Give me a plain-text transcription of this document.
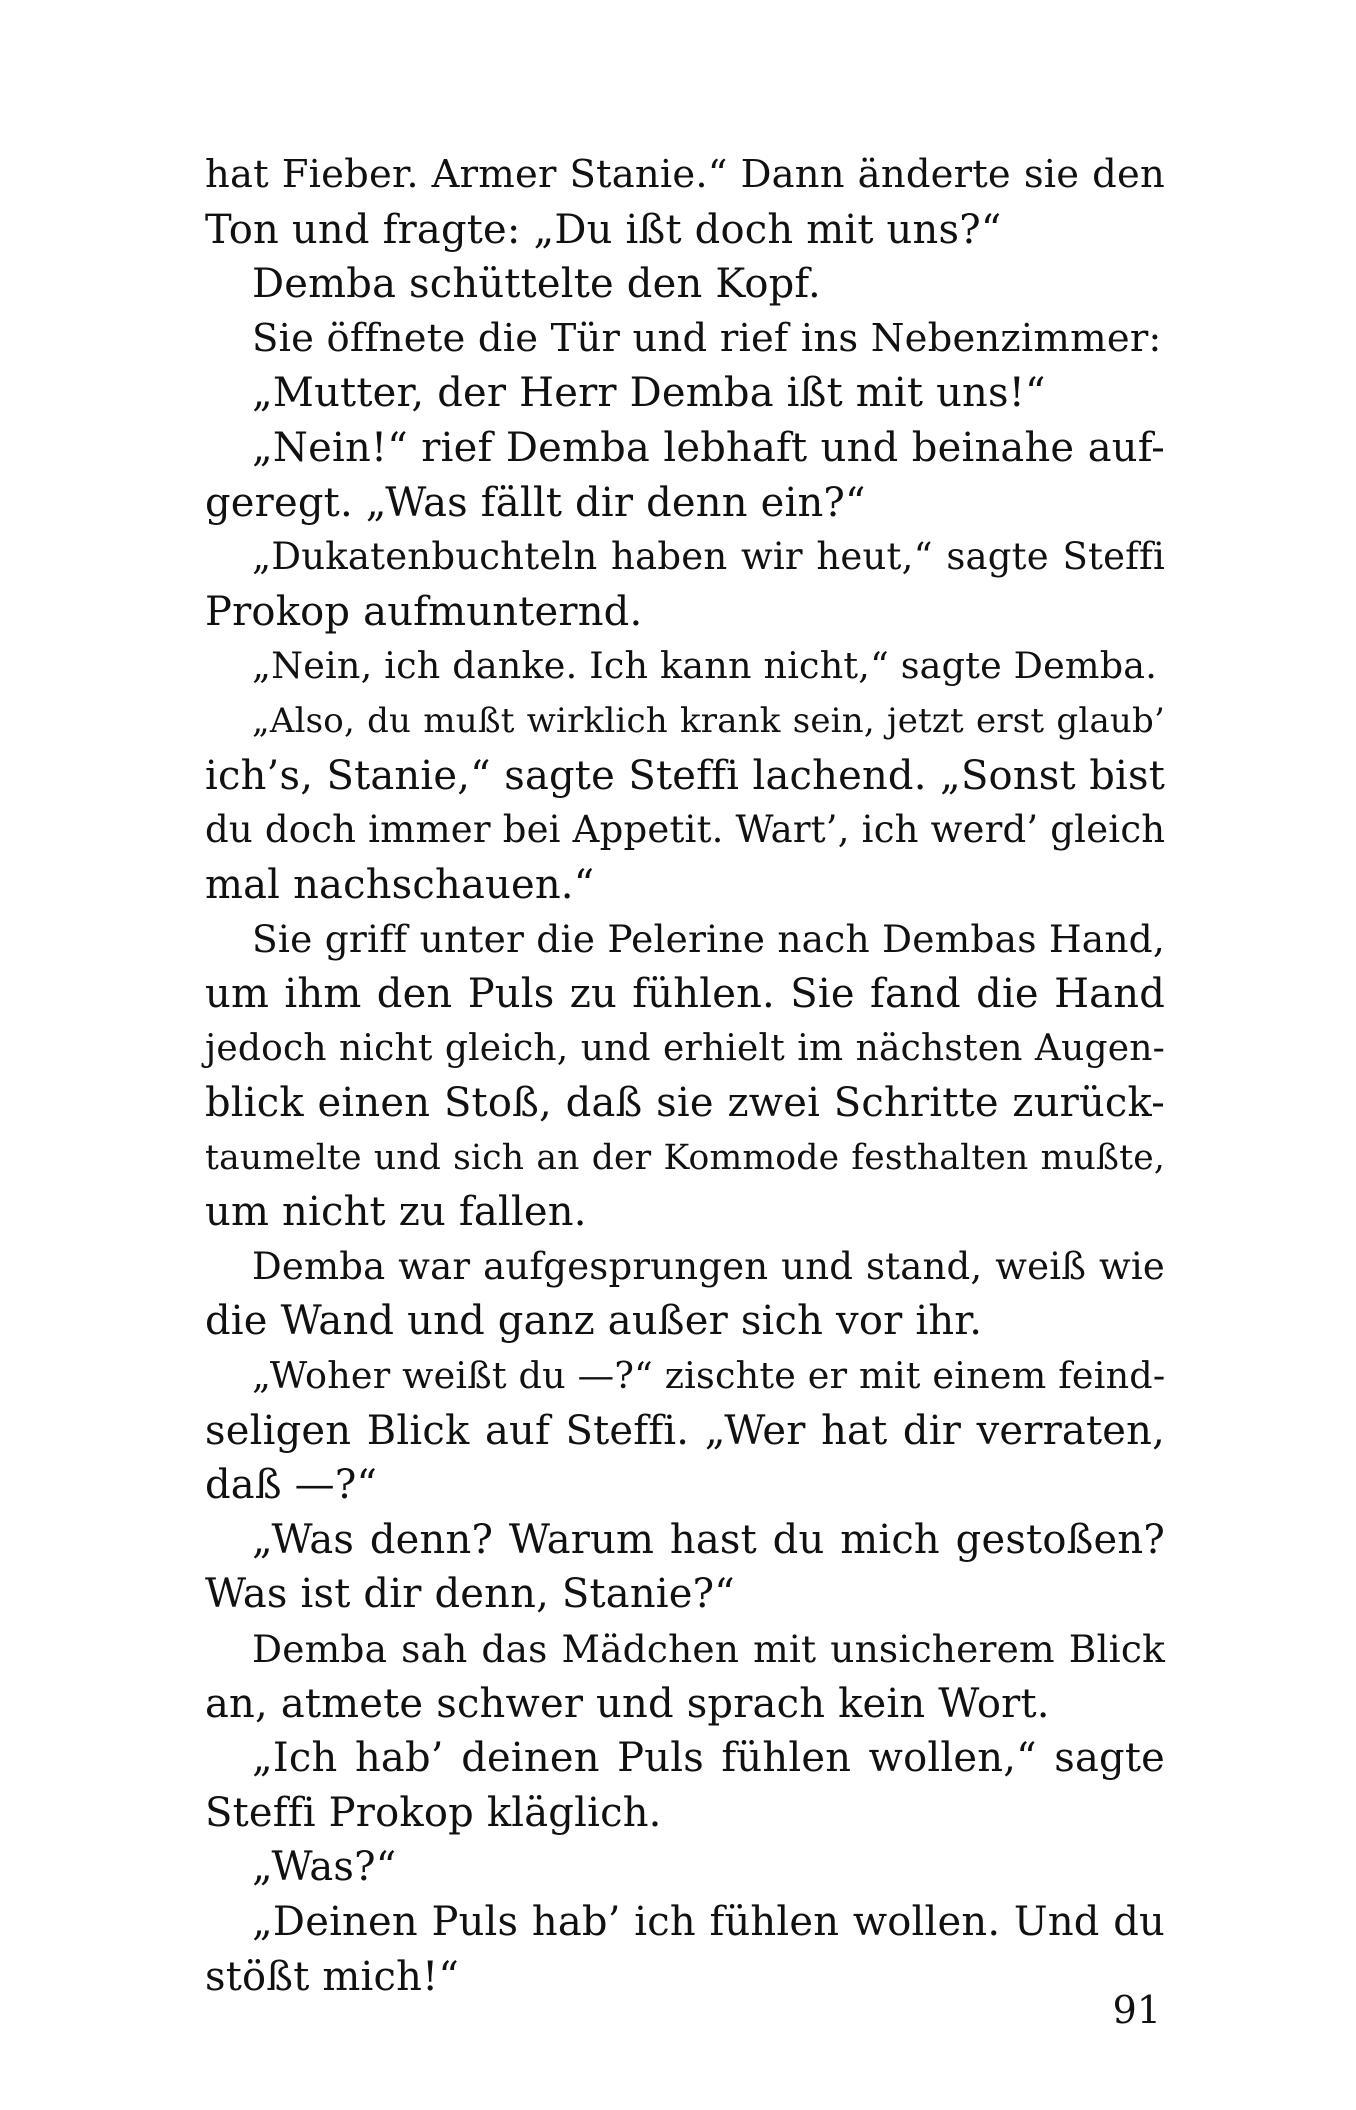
hat Fieber. Armer Stanie.“ Dann änderte sie den
Ton und fragte: „Du ißt doch mit uns?“
Demba schüttelte den Kopf.
Sie öffnete die Tür und rief ins Nebenzimmer:
„Mutter, der Herr Demba ißt mit uns!“
„Nein!“ rief Demba lebhaft und beinahe auf-
geregt. „Was fällt dir denn ein?“
„Dukatenbuchteln haben wir heut,“ sagte Steffi
Prokop aufmunternd.
„Nein, ich danke. Ich kann nicht,“ sagte Demba.
„Also, du mußt wirklich krank sein, jetzt erst glaub’
ich’s, Stanie,“ sagte Steffi lachend. „Sonst bist
du doch immer bei Appetit. Wart’, ich werd’ gleich
mal nachschauen.“
Sie griff unter die Pelerine nach Dembas Hand,
um ihm den Puls zu fühlen. Sie fand die Hand
jedoch nicht gleich, und erhielt im nächsten Augen-
blick einen Stoß, daß sie zwei Schritte zurück-
taumelte und sich an der Kommode festhalten mußte,
um nicht zu fallen.
Demba war aufgesprungen und stand, weiß wie
die Wand und ganz außer sich vor ihr.
„Woher weißt du —?“ zischte er mit einem feind-
seligen Blick auf Steffi. „Wer hat dir verraten,
daß —?“
„Was denn? Warum hast du mich gestoßen?
Was ist dir denn, Stanie?“
Demba sah das Mädchen mit unsicherem Blick
an, atmete schwer und sprach kein Wort.
„Ich hab’ deinen Puls fühlen wollen,“ sagte
Steffi Prokop kläglich.
„Was?“
„Deinen Puls hab’ ich fühlen wollen. Und du
stößt mich!“
91
